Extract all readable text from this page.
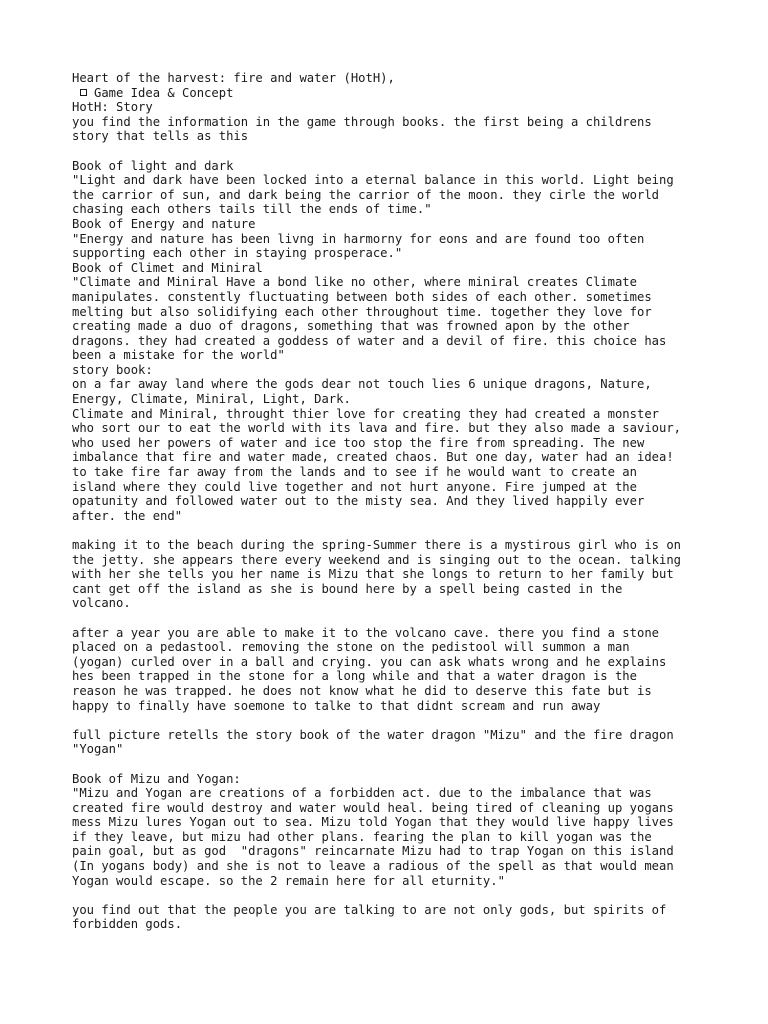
Heart of the harvest: fire and water (HotH),
Game Idea & Concept
HotH: Story
you find the information in the game through books. the first being a childrens
story that tells as this
Book of light and dark
"Light and dark have been locked into a eternal balance in this world. Light being
the carrior of sun, and dark being the carrior of the moon. they cirle the world
chasing each others tails till the ends of time."
Book of Energy and nature
"Energy and nature has been livng in harmorny for eons and are found too often
supporting each other in staying prosperace."
Book of Climet and Miniral
"Climate and Miniral Have a bond like no other, where miniral creates Climate
manipulates. constently fluctuating between both sides of each other. sometimes
melting but also solidifying each other throughout time. together they love for
creating made a duo of dragons, something that was frowned apon by the other
dragons. they had created a goddess of water and a devil of fire. this choice has
been a mistake for the world"
story book:
on a far away land where the gods dear not touch lies 6 unique dragons, Nature,
Energy, Climate, Miniral, Light, Dark.
Climate and Miniral, throught thier love for creating they had created a monster
who sort our to eat the world with its lava and fire. but they also made a saviour,
who used her powers of water and ice too stop the fire from spreading. The new
imbalance that fire and water made, created chaos. But one day, water had an idea!
to take fire far away from the lands and to see if he would want to create an
island where they could live together and not hurt anyone. Fire jumped at the
opatunity and followed water out to the misty sea. And they lived happily ever
after. the end"
making it to the beach during the spring-Summer there is a mystirous girl who is on
the jetty. she appears there every weekend and is singing out to the ocean. talking
with her she tells you her name is Mizu that she longs to return to her family but
cant get off the island as she is bound here by a spell being casted in the
volcano.
after a year you are able to make it to the volcano cave. there you find a stone
placed on a pedastool. removing the stone on the pedistool will summon a man
(yogan) curled over in a ball and crying. you can ask whats wrong and he explains
hes been trapped in the stone for a long while and that a water dragon is the
reason he was trapped. he does not know what he did to deserve this fate but is
happy to finally have soemone to talke to that didnt scream and run away
full picture retells the story book of the water dragon "Mizu" and the fire dragon
"Yogan"
Book of Mizu and Yogan:
"Mizu and Yogan are creations of a forbidden act. due to the imbalance that was
created fire would destroy and water would heal. being tired of cleaning up yogans
mess Mizu lures Yogan out to sea. Mizu told Yogan that they would live happy lives
if they leave, but mizu had other plans. fearing the plan to kill yogan was the
pain goal, but as god  "dragons" reincarnate Mizu had to trap Yogan on this island
(In yogans body) and she is not to leave a radious of the spell as that would mean
Yogan would escape. so the 2 remain here for all eturnity."
you find out that the people you are talking to are not only gods, but spirits of
forbidden gods.
